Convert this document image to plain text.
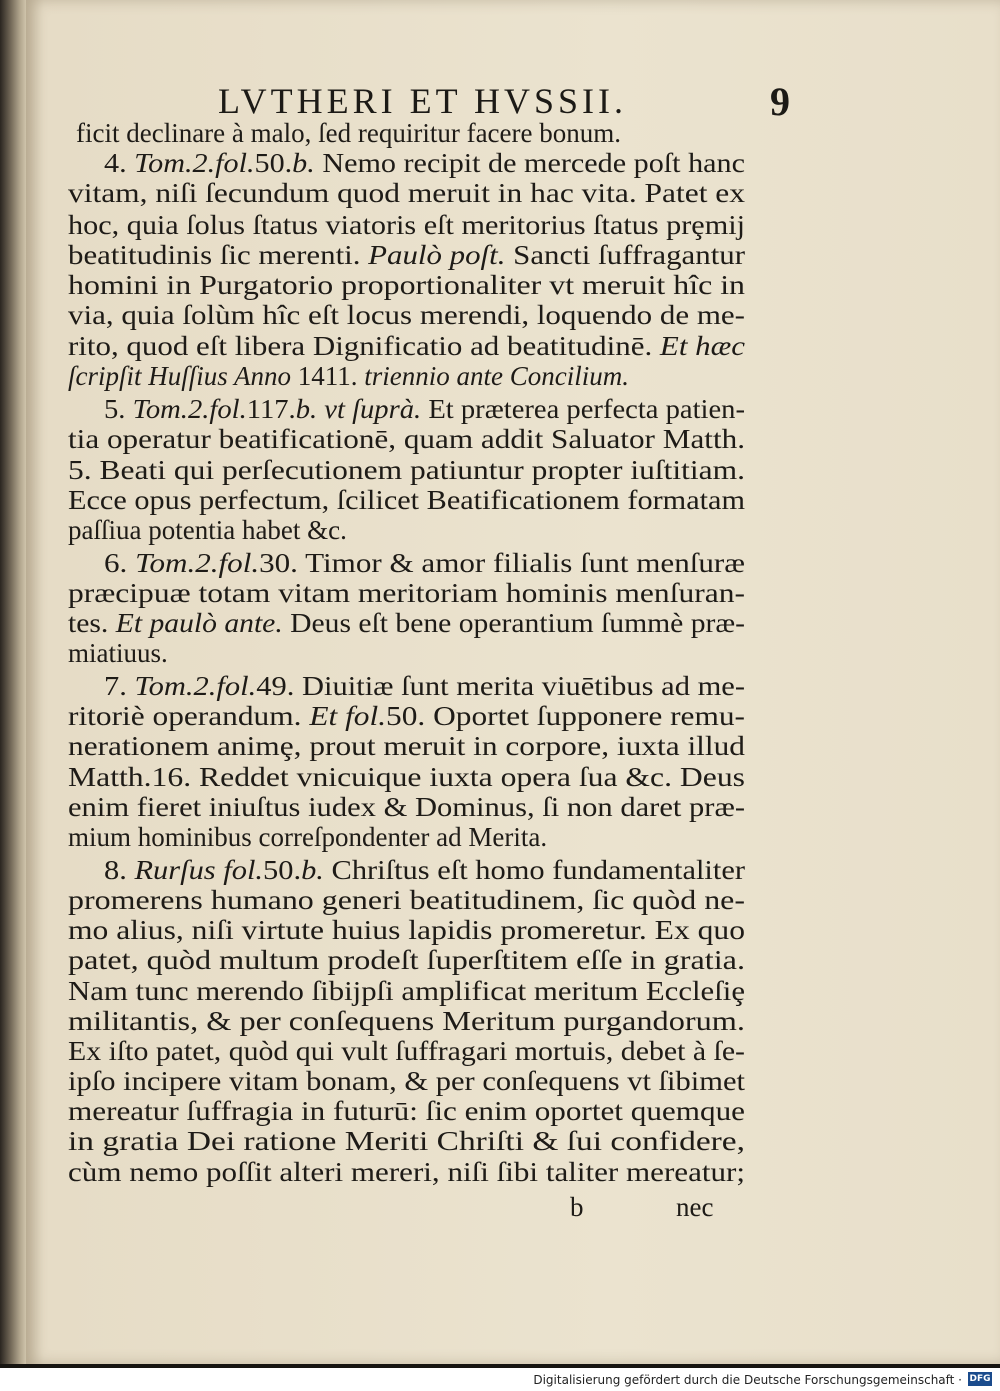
LVTHERI ET HVSSII.	9
ficit declinare à malo, ſed requiritur facere bonum.
4. Tom.2.fol.50.b. Nemo recipit de mercede poſt hanc
vitam, niſi ſecundum quod meruit in hac vita. Patet ex
hoc, quia ſolus ſtatus viatoris eſt meritorius ſtatus prȩmij
beatitudinis ſic merenti. Paulò poſt. Sancti ſuffragantur
homini in Purgatorio proportionaliter vt meruit hîc in
via, quia ſolùm hîc eſt locus merendi, loquendo de me-
rito, quod eſt libera Dignificatio ad beatitudinē. Et hæc
ſcripſit Huſſius Anno 1411. triennio ante Concilium.
5. Tom.2.fol.117.b. vt ſuprà. Et præterea perfecta patien-
tia operatur beatificationē, quam addit Saluator Matth.
5. Beati qui perſecutionem patiuntur propter iuſtitiam.
Ecce opus perfectum, ſcilicet Beatificationem formatam
paſſiua potentia habet &c.
6. Tom.2.fol.30. Timor & amor filialis ſunt menſuræ
præcipuæ totam vitam meritoriam hominis menſuran-
tes. Et paulò ante. Deus eſt bene operantium ſummè præ-
miatiuus.
7. Tom.2.fol.49. Diuitiæ ſunt merita viuētibus ad me-
ritoriè operandum. Et fol.50. Oportet ſupponere remu-
nerationem animȩ, prout meruit in corpore, iuxta illud
Matth.16. Reddet vnicuique iuxta opera ſua &c. Deus
enim fieret iniuſtus iudex & Dominus, ſi non daret præ-
mium hominibus correſpondenter ad Merita.
8. Rurſus fol.50.b. Chriſtus eſt homo fundamentaliter
promerens humano generi beatitudinem, ſic quòd ne-
mo alius, niſi virtute huius lapidis promeretur. Ex quo
patet, quòd multum prodeſt ſuperſtitem eſſe in gratia.
Nam tunc merendo ſibijpſi amplificat meritum Eccleſiȩ
militantis, & per conſequens Meritum purgandorum.
Ex iſto patet, quòd qui vult ſuffragari mortuis, debet à ſe-
ipſo incipere vitam bonam, & per conſequens vt ſibimet
mereatur ſuffragia in futurū: ſic enim oportet quemque
in gratia Dei ratione Meriti Chriſti & ſui confidere,
cùm nemo poſſit alteri mereri, niſi ſibi taliter mereatur;
b	nec
Digitalisierung gefördert durch die Deutsche Forschungsgemeinschaft · DFG
